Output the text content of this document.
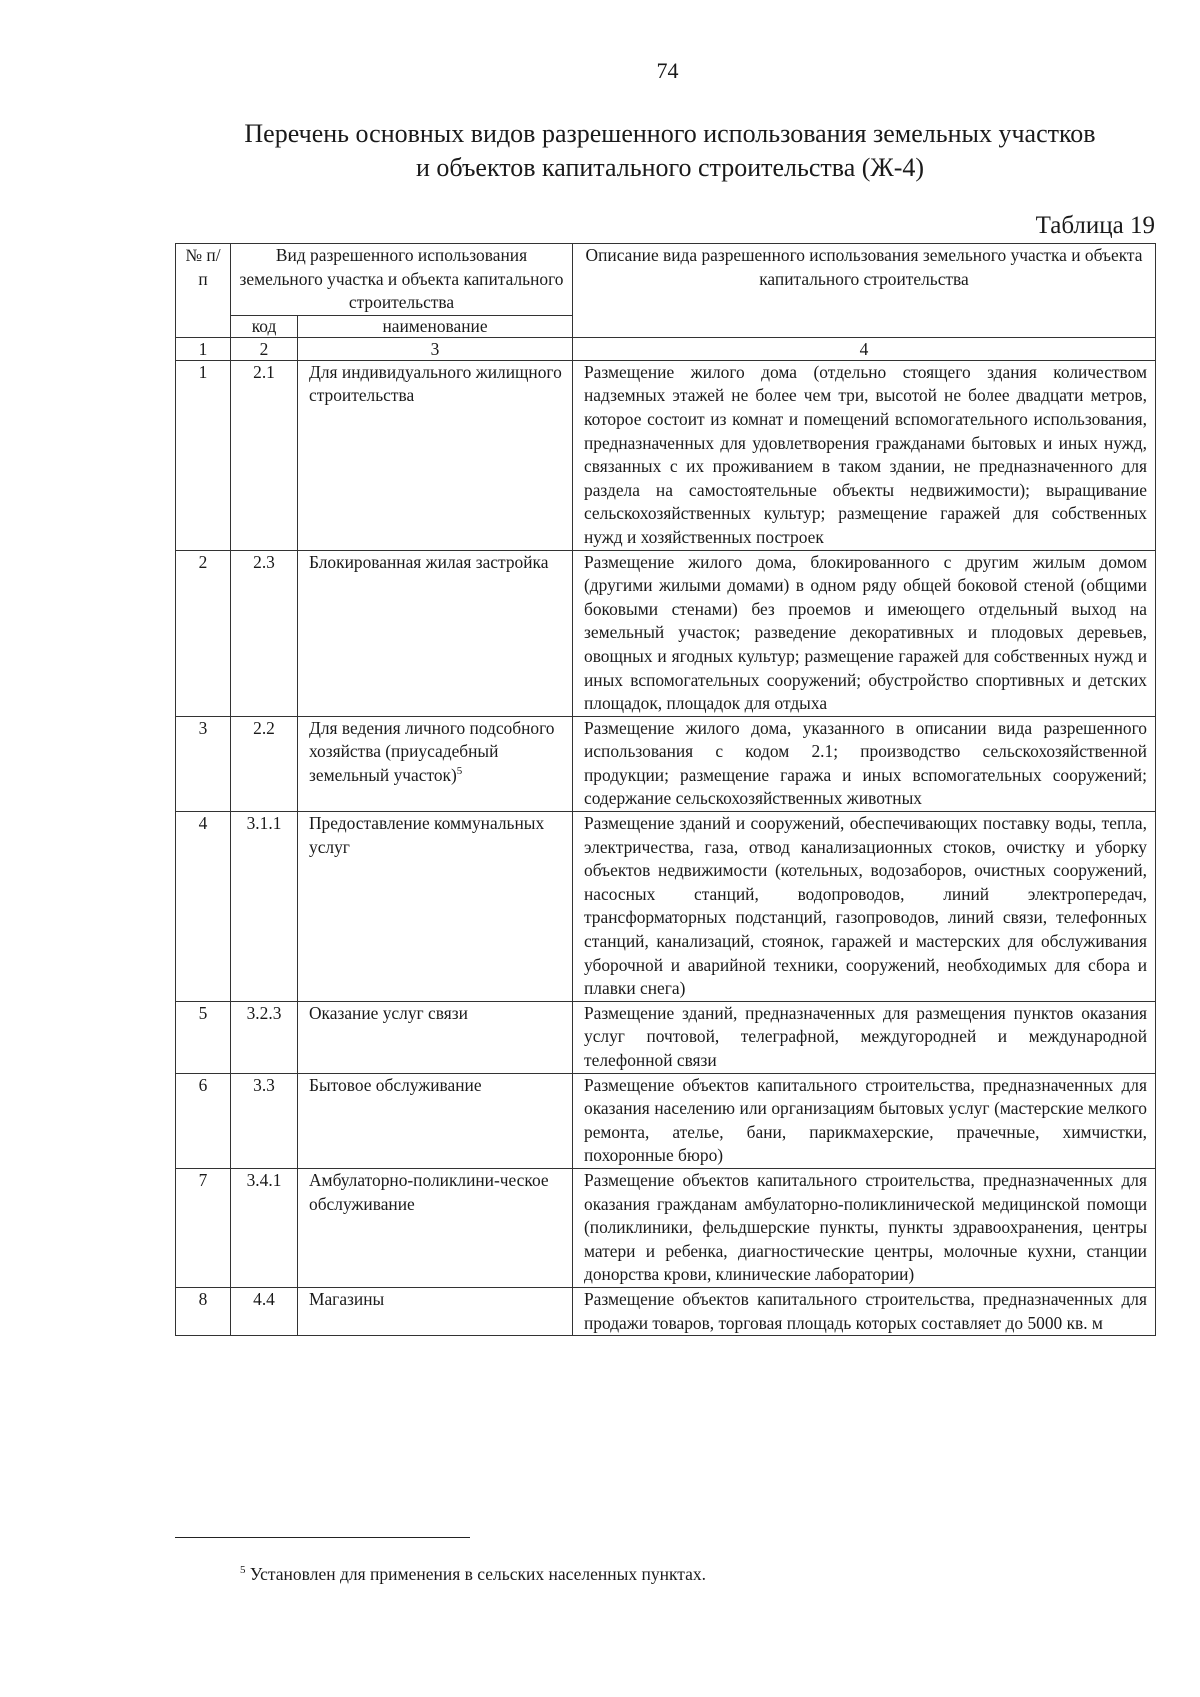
74
Перечень основных видов разрешенного использования земельных участков
и объектов капитального строительства (Ж-4)
Таблица 19
№ п/п	Вид разрешенного использования земельного участка и объекта капитального строительства		Описание вида разрешенного использования земельного участка и объекта капитального строительства
	код	наименование	
1	2	3	4
1	2.1	Для индивидуального жилищного строительства	Размещение жилого дома (отдельно стоящего здания количеством надземных этажей не более чем три, высотой не более двадцати метров, которое состоит из комнат и помещений вспомогательного использования, предназначенных для удовлетворения гражданами бытовых и иных нужд, связанных с их проживанием в таком здании, не предназначенного для раздела на самостоятельные объекты недвижимости); выращивание сельскохозяйственных культур; размещение гаражей для собственных нужд и хозяйственных построек
2	2.3	Блокированная жилая застройка	Размещение жилого дома, блокированного с другим жилым домом (другими жилыми домами) в одном ряду общей боковой стеной (общими боковыми стенами) без проемов и имеющего отдельный выход на земельный участок; разведение декоративных и плодовых деревьев, овощных и ягодных культур; размещение гаражей для собственных нужд и иных вспомогательных сооружений; обустройство спортивных и детских площадок, площадок для отдыха
3	2.2	Для ведения личного подсобного хозяйства (приусадебный земельный участок)$^5$	Размещение жилого дома, указанного в описании вида разрешенного использования с кодом 2.1; производство сельскохозяйственной продукции; размещение гаража и иных вспомогательных сооружений; содержание сельскохозяйственных животных
4	3.1.1	Предоставление коммунальных услуг	Размещение зданий и сооружений, обеспечивающих поставку воды, тепла, электричества, газа, отвод канализационных стоков, очистку и уборку объектов недвижимости (котельных, водозаборов, очистных сооружений, насосных станций, водопроводов, линий электропередач, трансформаторных подстанций, газопроводов, линий связи, телефонных станций, канализаций, стоянок, гаражей и мастерских для обслуживания уборочной и аварийной техники, сооружений, необходимых для сбора и плавки снега)
5	3.2.3	Оказание услуг связи	Размещение зданий, предназначенных для размещения пунктов оказания услуг почтовой, телеграфной, междугородней и международной телефонной связи
6	3.3	Бытовое обслуживание	Размещение объектов капитального строительства, предназначенных для оказания населению или организациям бытовых услуг (мастерские мелкого ремонта, ателье, бани, парикмахерские, прачечные, химчистки, похоронные бюро)
7	3.4.1	Амбулаторно-поликлини-ческое обслуживание	Размещение объектов капитального строительства, предназначенных для оказания гражданам амбулаторно-поликлинической медицинской помощи (поликлиники, фельдшерские пункты, пункты здравоохранения, центры матери и ребенка, диагностические центры, молочные кухни, станции донорства крови, клинические лаборатории)
8	4.4	Магазины	Размещение объектов капитального строительства, предназначенных для продажи товаров, торговая площадь которых составляет до 5000 кв. м
$^5$ Установлен для применения в сельских населенных пунктах.
